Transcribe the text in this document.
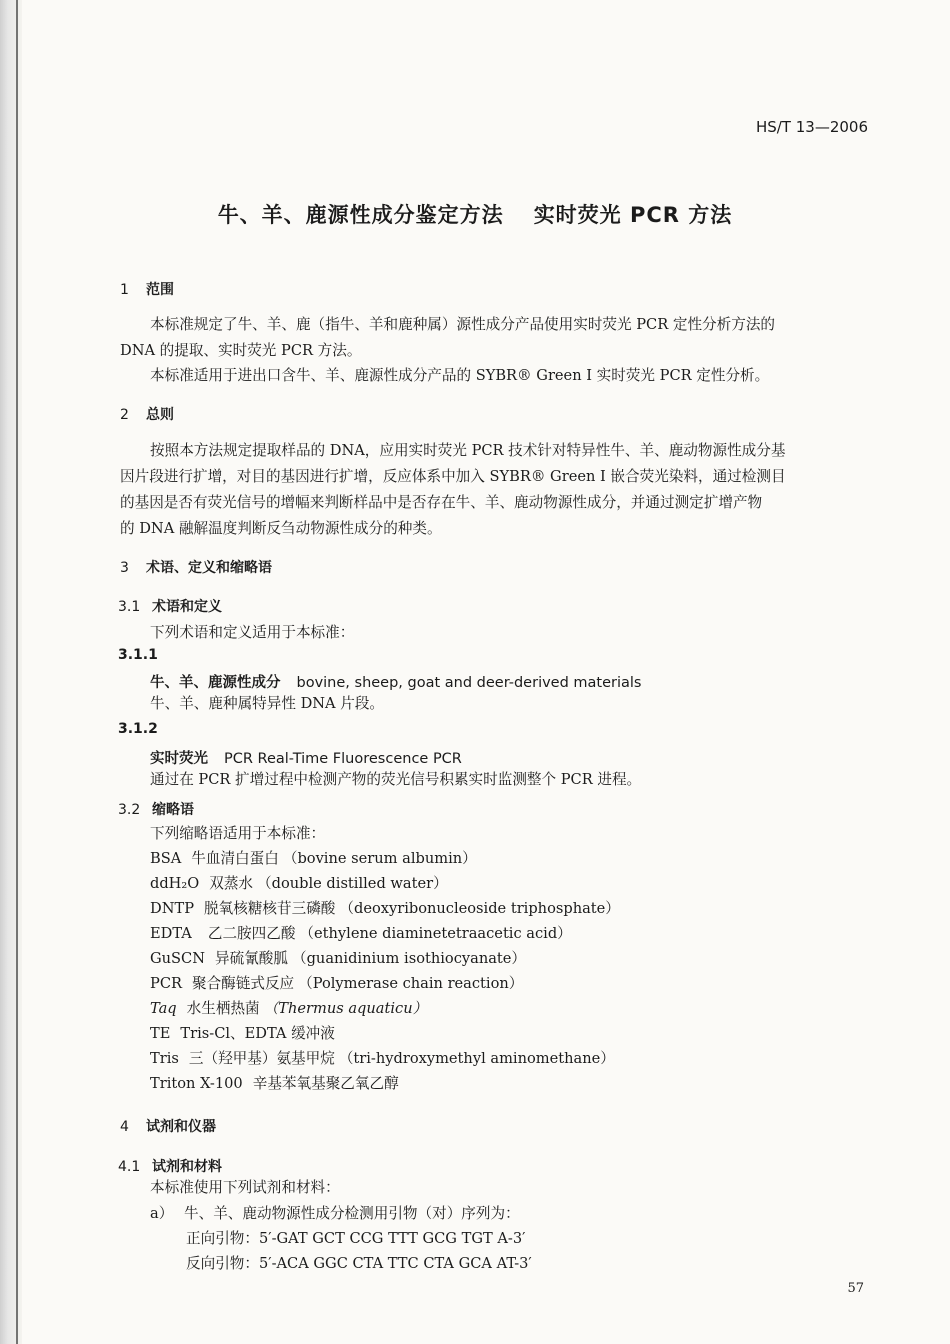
HS/T 13—2006
牛、羊、鹿源性成分鉴定方法 实时荧光 PCR 方法
1 范围
本标准规定了牛、羊、鹿（指牛、羊和鹿种属）源性成分产品使用实时荧光 PCR 定性分析方法的
DNA 的提取、实时荧光 PCR 方法。
本标准适用于进出口含牛、羊、鹿源性成分产品的 SYBR® Green I 实时荧光 PCR 定性分析。
2 总则
按照本方法规定提取样品的 DNA，应用实时荧光 PCR 技术针对特异性牛、羊、鹿动物源性成分基
因片段进行扩增，对目的基因进行扩增，反应体系中加入 SYBR® Green I 嵌合荧光染料，通过检测目
的基因是否有荧光信号的增幅来判断样品中是否存在牛、羊、鹿动物源性成分，并通过测定扩增产物
的 DNA 融解温度判断反刍动物源性成分的种类。
3 术语、定义和缩略语
3.1 术语和定义
下列术语和定义适用于本标准：
3.1.1
牛、羊、鹿源性成分 bovine, sheep, goat and deer-derived materials
牛、羊、鹿种属特异性 DNA 片段。
3.1.2
实时荧光 PCR Real-Time Fluorescence PCR
通过在 PCR 扩增过程中检测产物的荧光信号积累实时监测整个 PCR 进程。
3.2 缩略语
下列缩略语适用于本标准：
BSA 牛血清白蛋白 （bovine serum albumin）
ddH₂O 双蒸水 （double distilled water）
DNTP 脱氧核糖核苷三磷酸 （deoxyribonucleoside triphosphate）
EDTA 乙二胺四乙酸 （ethylene diaminetetraacetic acid）
GuSCN 异硫氰酸胍 （guanidinium isothiocyanate）
PCR 聚合酶链式反应 （Polymerase chain reaction）
Taq 水生栖热菌 （Thermus aquaticu）
TE Tris-Cl、EDTA 缓冲液
Tris 三（羟甲基）氨基甲烷 （tri-hydroxymethyl aminomethane）
Triton X-100 辛基苯氧基聚乙氧乙醇
4 试剂和仪器
4.1 试剂和材料
本标准使用下列试剂和材料：
a） 牛、羊、鹿动物源性成分检测用引物（对）序列为：
正向引物：5′-GAT GCT CCG TTT GCG TGT A-3′
反向引物：5′-ACA GGC CTA TTC CTA GCA AT-3′
57
